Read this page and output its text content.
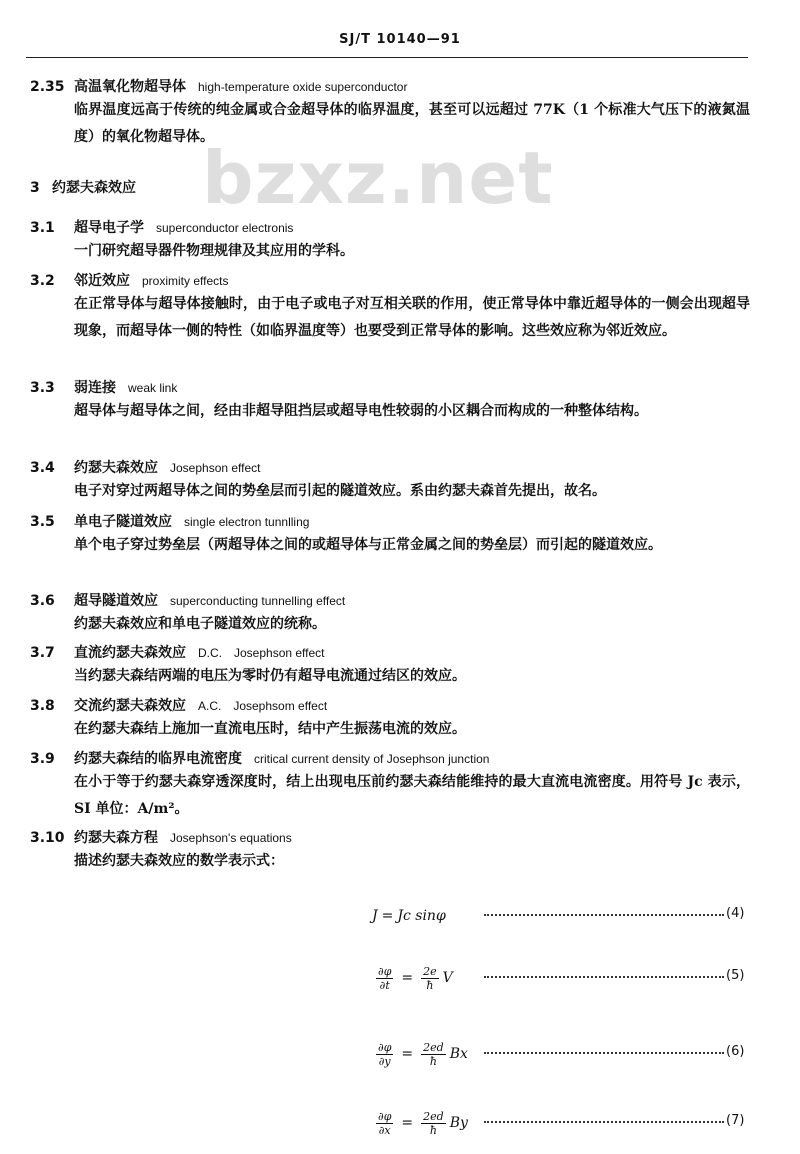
SJ/T 10140—91
bzxz.net
2.35 高温氧化物超导体 high-temperature oxide superconductor
临界温度远高于传统的纯金属或合金超导体的临界温度，甚至可以远超过 77K（1 个标准大气压下的液氮温度）的氧化物超导体。
3 约瑟夫森效应
3.1 超导电子学 superconductor electronis
一门研究超导器件物理规律及其应用的学科。
3.2 邻近效应 proximity effects
在正常导体与超导体接触时，由于电子或电子对互相关联的作用，使正常导体中靠近超导体的一侧会出现超导现象，而超导体一侧的特性（如临界温度等）也要受到正常导体的影响。这些效应称为邻近效应。
3.3 弱连接 weak link
超导体与超导体之间，经由非超导阻挡层或超导电性较弱的小区耦合而构成的一种整体结构。
3.4 约瑟夫森效应 Josephson effect
电子对穿过两超导体之间的势垒层而引起的隧道效应。系由约瑟夫森首先提出，故名。
3.5 单电子隧道效应 single electron tunnlling
单个电子穿过势垒层（两超导体之间的或超导体与正常金属之间的势垒层）而引起的隧道效应。
3.6 超导隧道效应 superconducting tunnelling effect
约瑟夫森效应和单电子隧道效应的统称。
3.7 直流约瑟夫森效应 D.C.　Josephson effect
当约瑟夫森结两端的电压为零时仍有超导电流通过结区的效应。
3.8 交流约瑟夫森效应 A.C.　Josephsom effect
在约瑟夫森结上施加一直流电压时，结中产生振荡电流的效应。
3.9 约瑟夫森结的临界电流密度 critical current density of Josephson junction
在小于等于约瑟夫森穿透深度时，结上出现电压前约瑟夫森结能维持的最大直流电流密度。用符号 Jc 表示，SI 单位：A/m²。
3.10 约瑟夫森方程 Josephson's equations
描述约瑟夫森效应的数学表示式：
J = Jc sinφ	(4)
$\frac{\partial\varphi}{\partial t} = \frac{2e}{ħ}$ V	(5)
$\frac{\partial\varphi}{\partial y} = \frac{2ed}{ħ}$ Bx	(6)
$\frac{\partial\varphi}{\partial x} = \frac{2ed}{ħ}$ By	(7)
